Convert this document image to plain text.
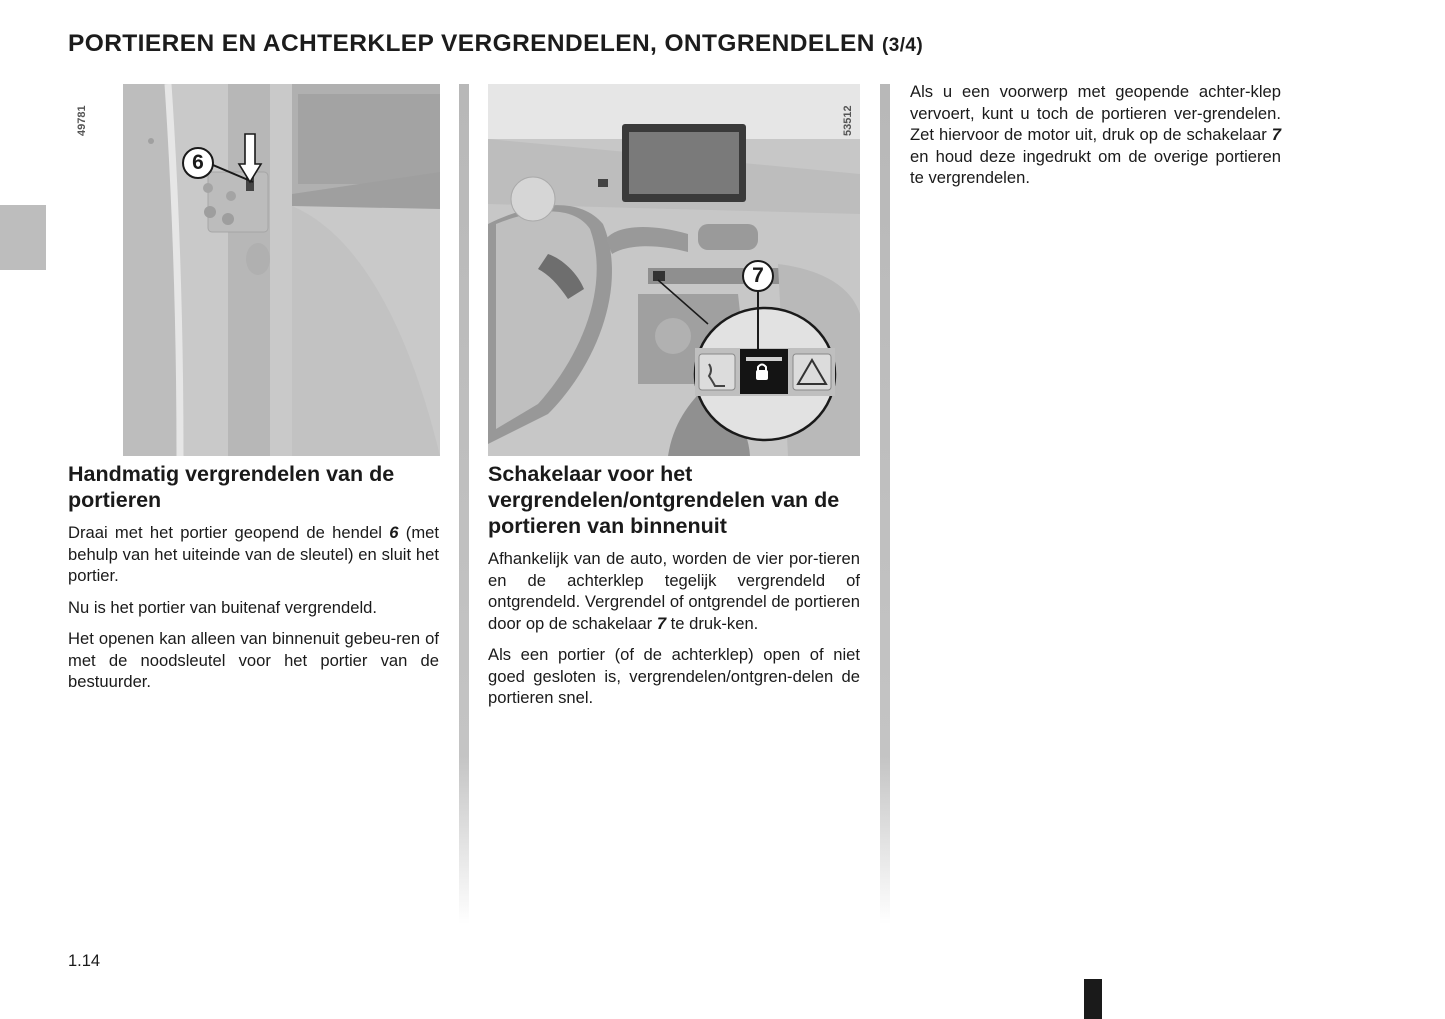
PORTIEREN EN ACHTERKLEP VERGRENDELEN, ONTGRENDELEN (3/4)
49781
6
53512
7
Handmatig vergrendelen van de portieren

Draai met het portier geopend de hendel 6 (met behulp van het uiteinde van de sleutel) en sluit het portier.

Nu is het portier van buitenaf vergrendeld.

Het openen kan alleen van binnenuit gebeu-ren of met de noodsleutel voor het portier van de bestuurder.

Schakelaar voor het vergrendelen/ontgrendelen van de portieren van binnenuit

Afhankelijk van de auto, worden de vier por-tieren en de achterklep tegelijk vergrendeld of ontgrendeld. Vergrendel of ontgrendel de portieren door op de schakelaar 7 te druk-ken.

Als een portier (of de achterklep) open of niet goed gesloten is, vergrendelen/ontgren-delen de portieren snel.

Als u een voorwerp met geopende achter-klep vervoert, kunt u toch de portieren ver-grendelen. Zet hiervoor de motor uit, druk op de schakelaar 7 en houd deze ingedrukt om de overige portieren te vergrendelen.

1.14
